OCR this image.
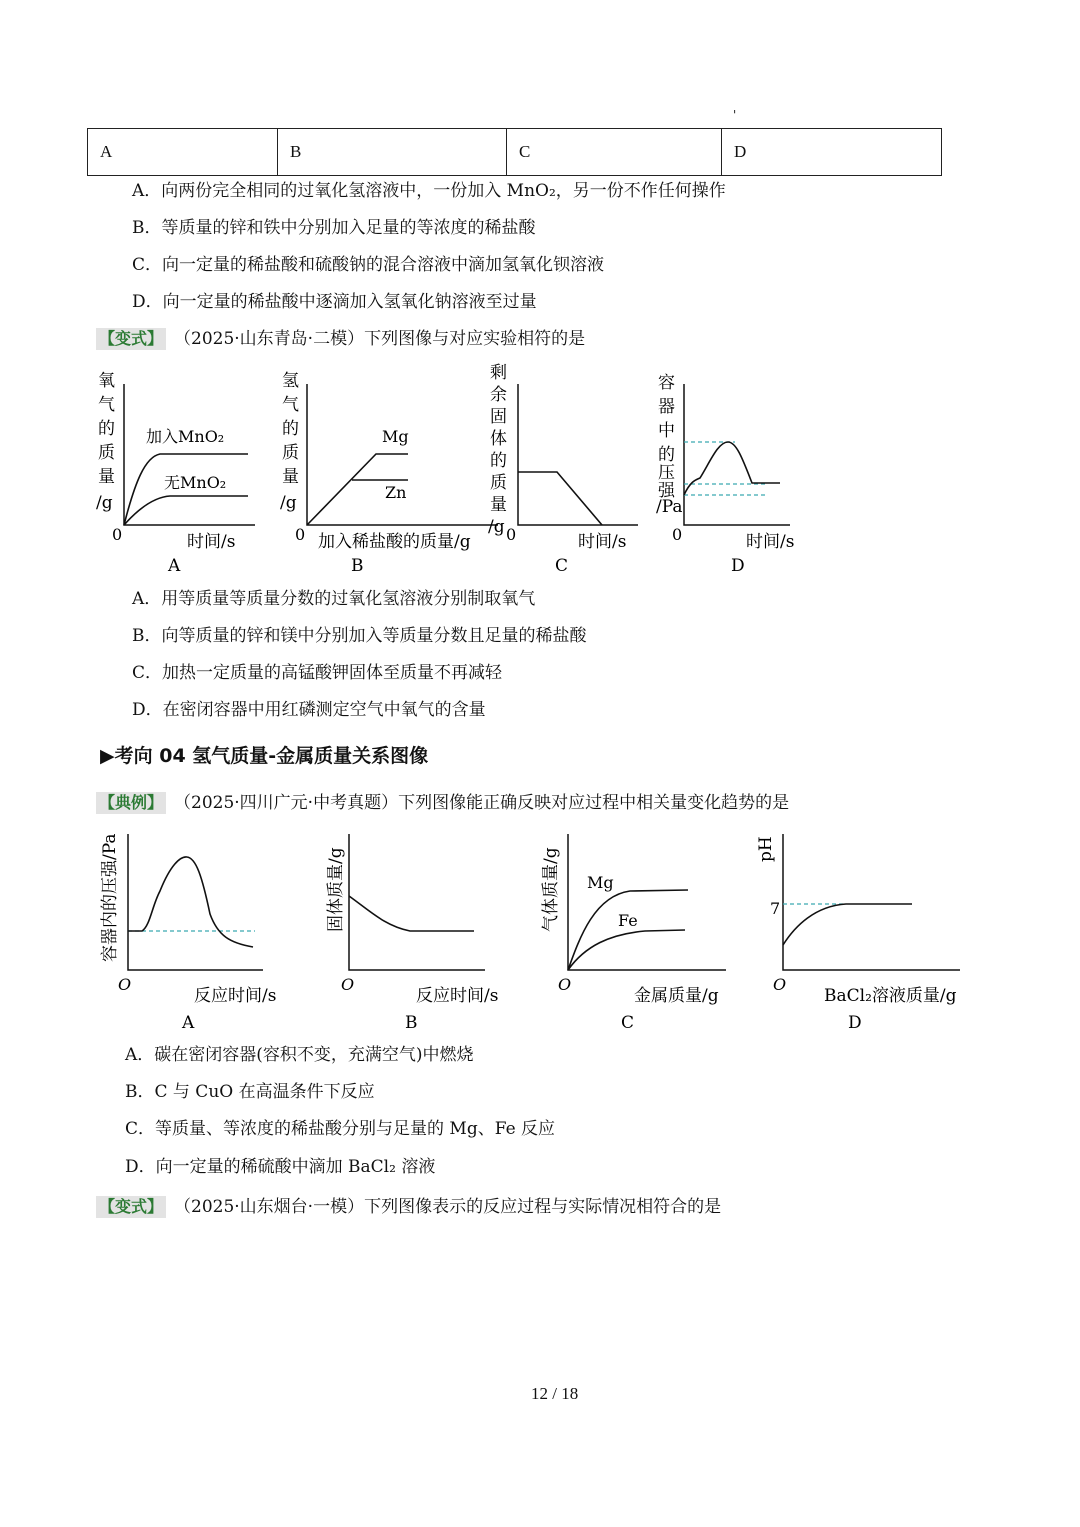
'
A	B	C	D
A．向两份完全相同的过氧化氢溶液中，一份加入 MnO₂，另一份不作任何操作
B．等质量的锌和铁中分别加入足量的等浓度的稀盐酸
C．向一定量的稀盐酸和硫酸钠的混合溶液中滴加氢氧化钡溶液
D．向一定量的稀盐酸中逐滴加入氢氧化钠溶液至过量
【变式】 （2025·山东青岛·二模）下列图像与对应实验相符的是
氧
气
的
质
量
/g
加入MnO₂
无MnO₂
0	时间/s
A
氢
气
的
质
量
/g
Mg
Zn
0 加入稀盐酸的质量/g
B
剩
余
固
体
的
质
量
/g 0	时间/s
C
容
器
中
的
压
强
/Pa
0	时间/s
D
A．用等质量等质量分数的过氧化氢溶液分别制取氧气
B．向等质量的锌和镁中分别加入等质量分数且足量的稀盐酸
C．加热一定质量的高锰酸钾固体至质量不再减轻
D．在密闭容器中用红磷测定空气中氧气的含量
▶考向 04 氢气质量-金属质量关系图像
【典例】 （2025·四川广元·中考真题）下列图像能正确反映对应过程中相关量变化趋势的是
容器内的压强/Pa
O
反应时间/s
A
固体质量/g
O
反应时间/s
B
气体质量/g Mg
Fe
O
金属质量/g
C
pH
7
O
BaCl₂溶液质量/g
D
A．碳在密闭容器(容积不变，充满空气)中燃烧
B．C 与 CuO 在高温条件下反应
C．等质量、等浓度的稀盐酸分别与足量的 Mg、Fe 反应
D．向一定量的稀硫酸中滴加 BaCl₂ 溶液
【变式】 （2025·山东烟台·一模）下列图像表示的反应过程与实际情况相符合的是
12 / 18
